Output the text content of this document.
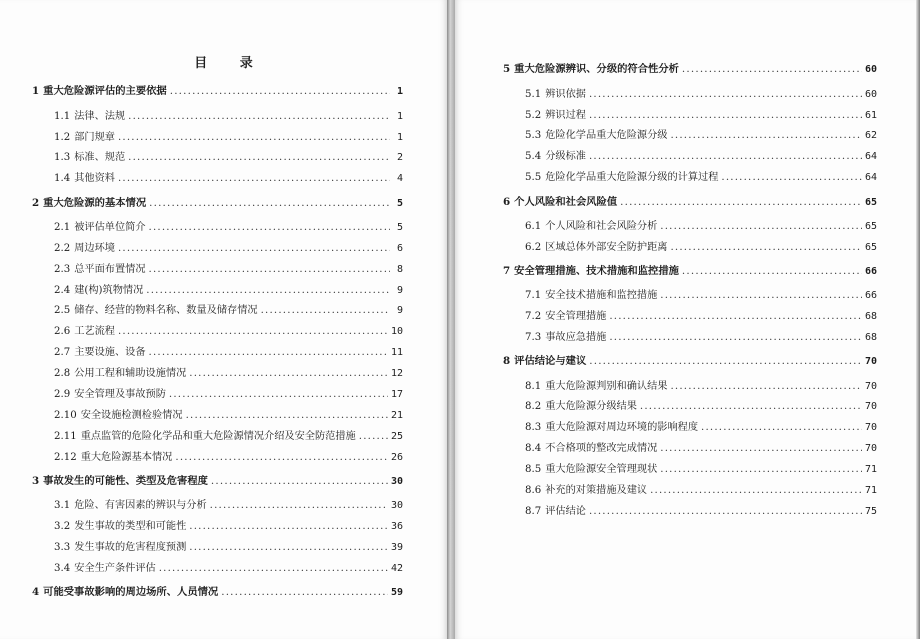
目 录
1 重大危险源评估的主要依据 .....	1
1.1 法律、法规 .....	1
1.2 部门规章 .....	1
1.3 标准、规范 .....	2
1.4 其他资料 .....	4
2 重大危险源的基本情况 .....	5
2.1 被评估单位简介 .....	5
2.2 周边环境 .....	6
2.3 总平面布置情况 .....	8
2.4 建(构)筑物情况 .....	9
2.5 储存、经营的物料名称、数量及储存情况 .....	9
2.6 工艺流程 .....	10
2.7 主要设施、设备 .....	11
2.8 公用工程和辅助设施情况 .....	12
2.9 安全管理及事故预防 .....	17
2.10 安全设施检测检验情况 .....	21
2.11 重点监管的危险化学品和重大危险源情况介绍及安全防范措施 .....	25
2.12 重大危险源基本情况 .....	26
3 事故发生的可能性、类型及危害程度 .....	30
3.1 危险、有害因素的辨识与分析 .....	30
3.2 发生事故的类型和可能性 .....	36
3.3 发生事故的危害程度预测 .....	39
3.4 安全生产条件评估 .....	42
4 可能受事故影响的周边场所、人员情况 .....	59
5 重大危险源辨识、分级的符合性分析 .....	60
5.1 辨识依据 .....	60
5.2 辨识过程 .....	61
5.3 危险化学品重大危险源分级 .....	62
5.4 分级标准 .....	64
5.5 危险化学品重大危险源分级的计算过程 .....	64
6 个人风险和社会风险值 .....	65
6.1 个人风险和社会风险分析 .....	65
6.2 区域总体外部安全防护距离 .....	65
7 安全管理措施、技术措施和监控措施 .....	66
7.1 安全技术措施和监控措施 .....	66
7.2 安全管理措施 .....	68
7.3 事故应急措施 .....	68
8 评估结论与建议 .....	70
8.1 重大危险源判别和确认结果 .....	70
8.2 重大危险源分级结果 .....	70
8.3 重大危险源对周边环境的影响程度 .....	70
8.4 不合格项的整改完成情况 .....	70
8.5 重大危险源安全管理现状 .....	71
8.6 补充的对策措施及建议 .....	71
8.7 评估结论 .....	75
